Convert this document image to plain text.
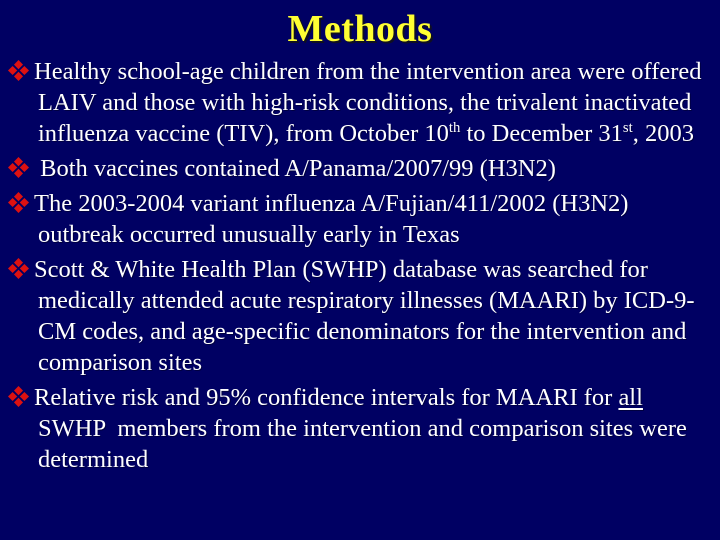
Methods
Healthy school-age children from the intervention area were offered LAIV and those with high-risk conditions, the trivalent inactivated influenza vaccine (TIV), from October 10th to December 31st, 2003
Both vaccines contained A/Panama/2007/99 (H3N2)
The 2003-2004 variant influenza A/Fujian/411/2002 (H3N2) outbreak occurred unusually early in Texas
Scott & White Health Plan (SWHP) database was searched for medically attended acute respiratory illnesses (MAARI) by ICD-9-CM codes, and age-specific denominators for the intervention and comparison sites
Relative risk and 95% confidence intervals for MAARI for all SWHP  members from the intervention and comparison sites were determined
